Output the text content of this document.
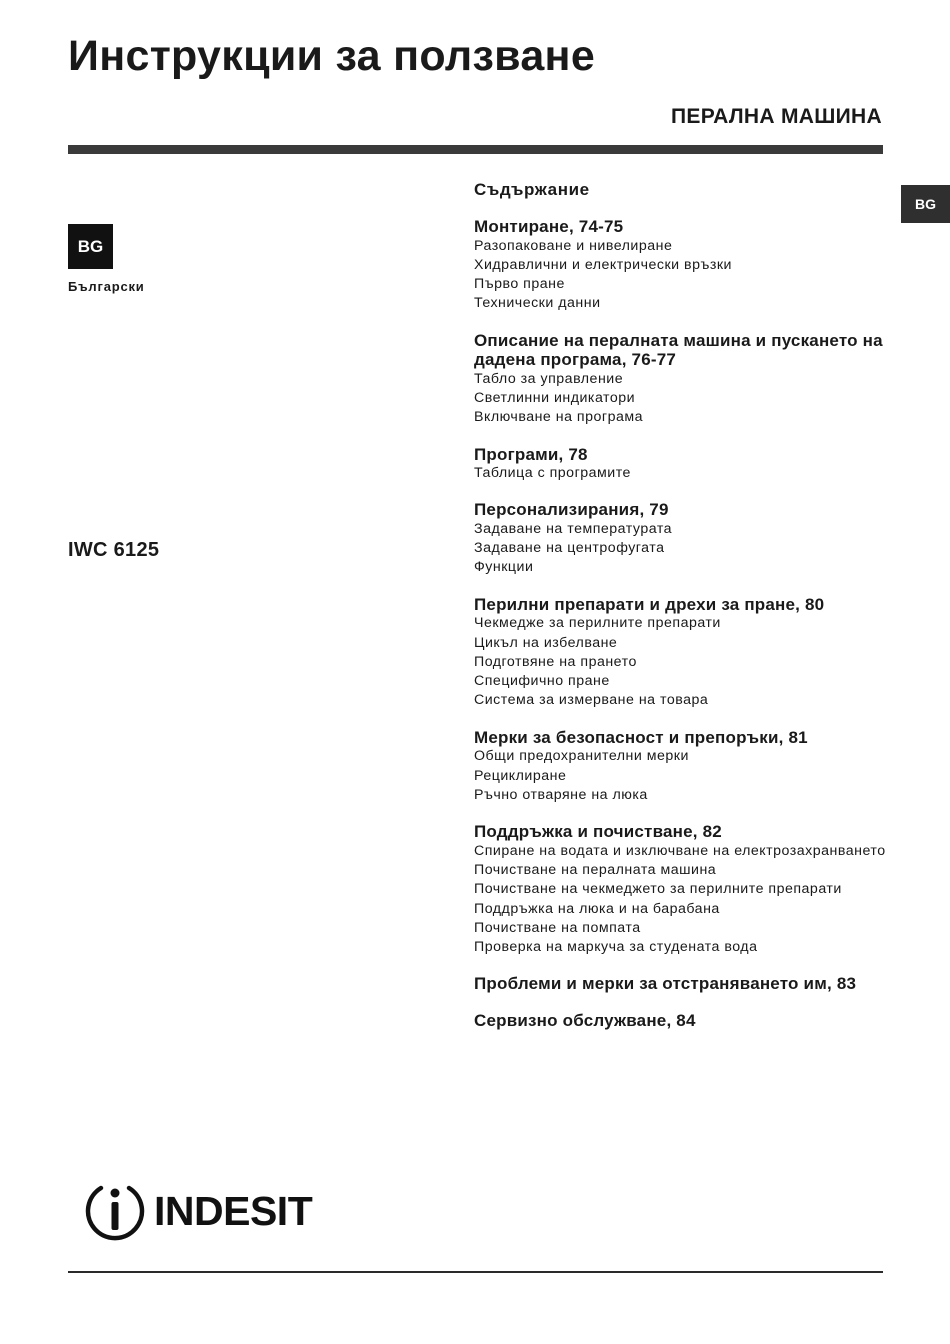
Инструкции за ползване
ПЕРАЛНА МАШИНА
BG
Български
BG
IWC 6125
Съдържание
Монтиране, 74-75
Разопаковане и нивелиране
Хидравлични и електрически връзки
Първо пране
Технически данни
Описание на пералната машина и пускането на дадена програма, 76-77
Табло за управление
Светлинни индикатори
Включване на програма
Програми, 78
Таблица с програмите
Персонализирания, 79
Задаване на температурата
Задаване на центрофугата
Функции
Перилни препарати и дрехи за пране, 80
Чекмедже за перилните препарати
Цикъл на избелване
Подготвяне на прането
Специфично пране
Система за измерване на товара
Мерки за безопасност и препоръки, 81
Общи предохранителни мерки
Рециклиране
Ръчно отваряне на люка
Поддръжка и почистване, 82
Спиране на водата и изключване на електрозахранването
Почистване на пералната машина
Почистване на чекмеджето за перилните препарати
Поддръжка на люка и на барабана
Почистване на помпата
Проверка на маркуча за студената вода
Проблеми и мерки за отстраняването им, 83
Сервизно обслужване, 84
INDESIT
